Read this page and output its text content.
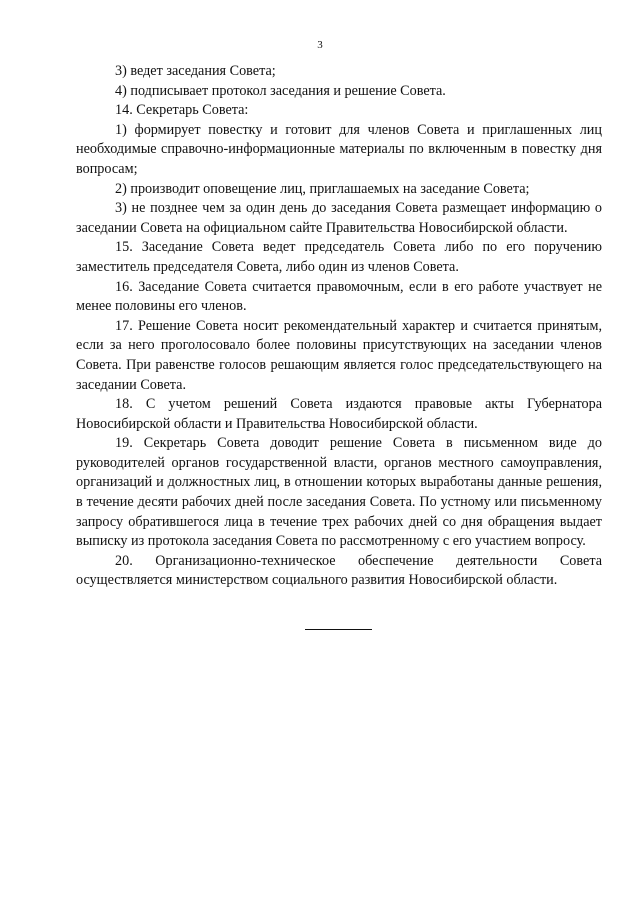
3

3) ведет заседания Совета;

4) подписывает протокол заседания и решение Совета.

14. Секретарь Совета:

1) формирует повестку и готовит для членов Совета и приглашенных лиц необходимые справочно-информационные материалы по включенным в повестку дня вопросам;

2) производит оповещение лиц, приглашаемых на заседание Совета;

3) не позднее чем за один день до заседания Совета размещает информацию о заседании Совета на официальном сайте Правительства Новосибирской области.

15. Заседание Совета ведет председатель Совета либо по его поручению заместитель председателя Совета, либо один из членов Совета.

16. Заседание Совета считается правомочным, если в его работе участвует не менее половины его членов.

17. Решение Совета носит рекомендательный характер и считается принятым, если за него проголосовало более половины присутствующих на заседании членов Совета. При равенстве голосов решающим является голос председательствующего на заседании Совета.

18. С учетом решений Совета издаются правовые акты Губернатора Новосибирской области и Правительства Новосибирской области.

19. Секретарь Совета доводит решение Совета в письменном виде до руководителей органов государственной власти, органов местного самоуправления, организаций и должностных лиц, в отношении которых выработаны данные решения, в течение десяти рабочих дней после заседания Совета. По устному или письменному запросу обратившегося лица в течение трех рабочих дней со дня обращения выдает выписку из протокола заседания Совета по рассмотренному с его участием вопросу.

20. Организационно-техническое обеспечение деятельности Совета осуществляется министерством социального развития Новосибирской области.
